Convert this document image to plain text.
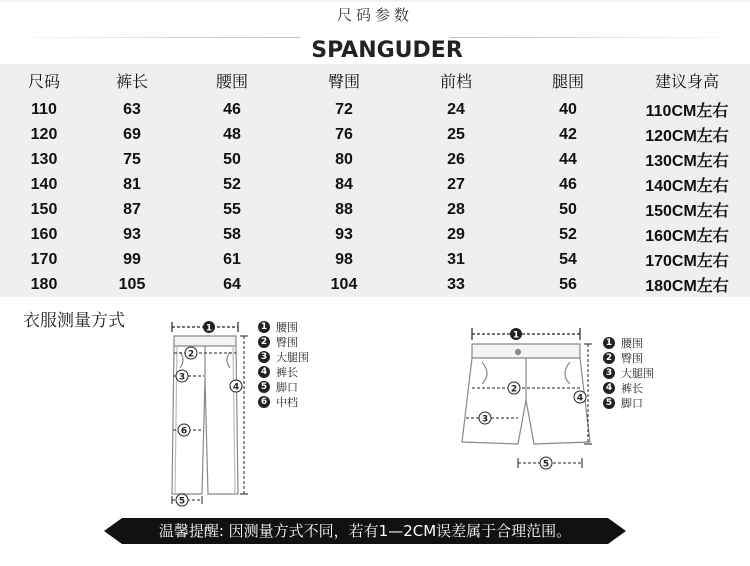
尺码参数
SPANGUDER
尺码	裤长	腰围	臀围	前档	腿围	建议身高
110	63	46	72	24	40	110CM左右
120	69	48	76	25	42	120CM左右
130	75	50	80	26	44	130CM左右
140	81	52	84	27	46	140CM左右
150	87	55	88	28	50	150CM左右
160	93	58	93	29	52	160CM左右
170	99	61	98	31	54	170CM左右
180	105	64	104	33	56	180CM左右
衣服测量方式	1
2
3
4
6
5
1 腰围
2 臀围
3 大腿围
4 裤长
5 脚口
6 中档
1
2
3
4
5
1 腰围
2 臀围
3 大腿围
4 裤长
5 脚口
温馨提醒: 因测量方式不同，若有1—2CM误差属于合理范围。
